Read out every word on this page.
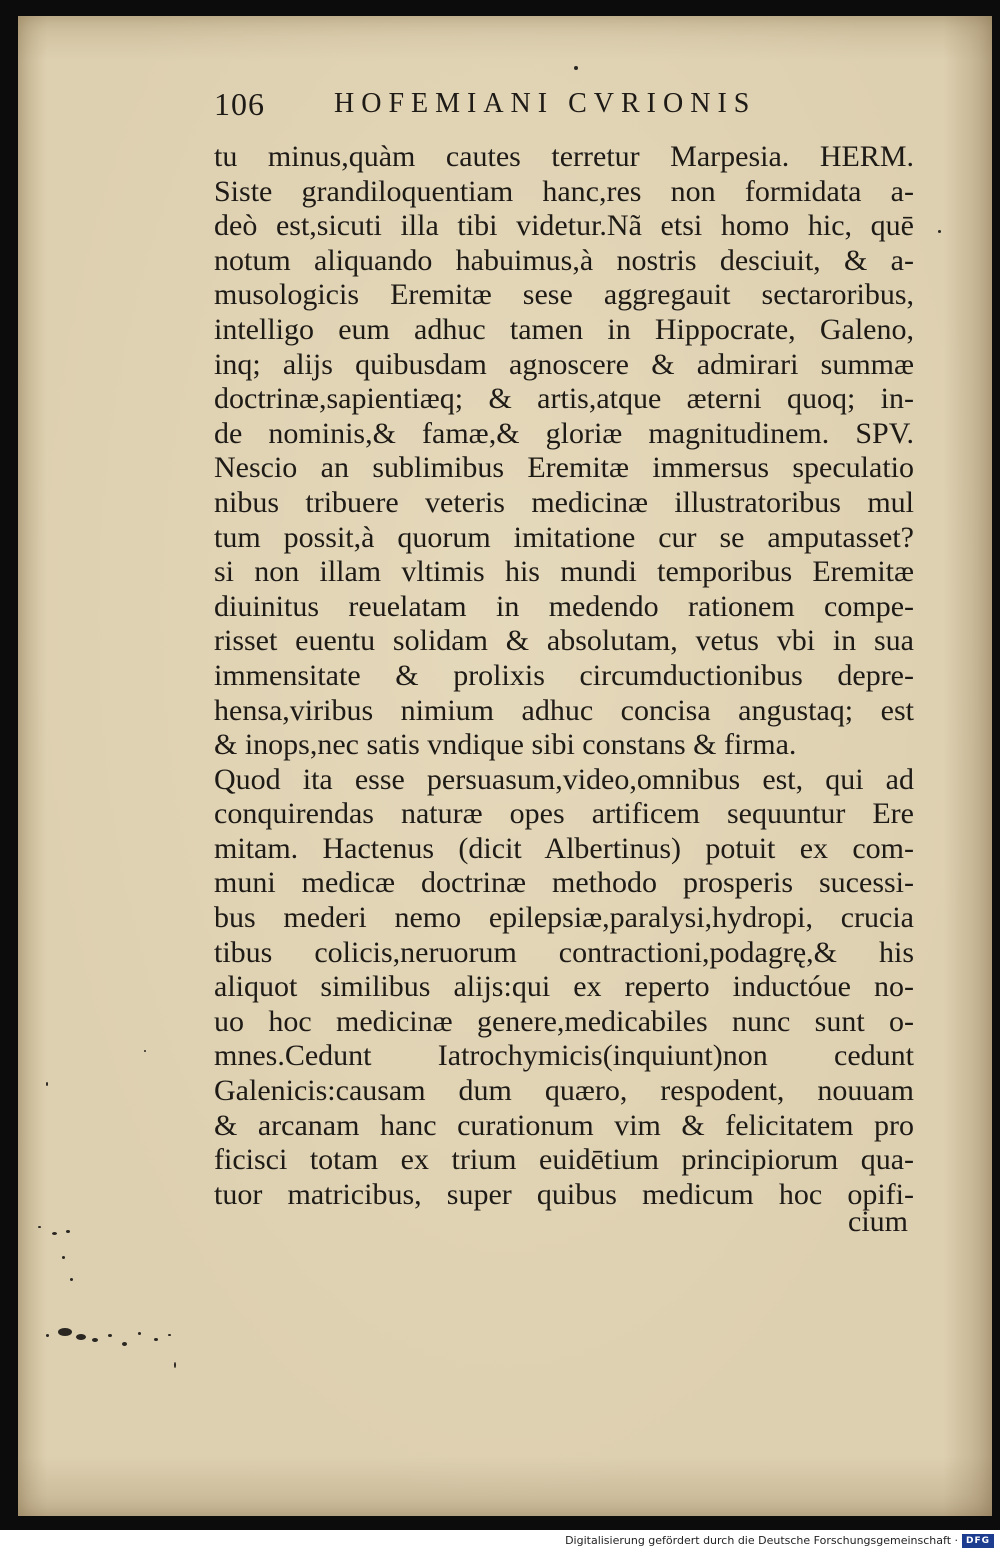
106 HOFEMIANI CVRIONIS
tu minus,quàm cautes terretur Marpesia. HERM.
Siste grandiloquentiam hanc,res non formidata a-
deò est,sicuti illa tibi videtur.Nã etsi homo hic, quē
notum aliquando habuimus,à nostris desciuit, & a-
musologicis Eremitæ sese aggregauit sectaroribus,
intelligo eum adhuc tamen in Hippocrate, Galeno,
inq; alijs quibusdam agnoscere & admirari summæ
doctrinæ,sapientiæq; & artis,atque æterni quoq; in-
de nominis,& famæ,& gloriæ magnitudinem. SPV.
Nescio an sublimibus Eremitæ immersus speculatio
nibus tribuere veteris medicinæ illustratoribus mul
tum possit,à quorum imitatione cur se amputasset?
si non illam vltimis his mundi temporibus Eremitæ
diuinitus reuelatam in medendo rationem compe-
risset euentu solidam & absolutam, vetus vbi in sua
immensitate & prolixis circumductionibus depre-
hensa,viribus nimium adhuc concisa angustaq; est
& inops,nec satis vndique sibi constans & firma.
Quod ita esse persuasum,video,omnibus est, qui ad
conquirendas naturæ opes artificem sequuntur Ere
mitam. Hactenus (dicit Albertinus) potuit ex com-
muni medicæ doctrinæ methodo prosperis sucessi-
bus mederi nemo epilepsiæ,paralysi,hydropi, crucia
tibus colicis,neruorum contractioni,podagrę,& his
aliquot similibus alijs:qui ex reperto inductóue no-
uo hoc medicinæ genere,medicabiles nunc sunt o-
mnes.Cedunt Iatrochymicis(inquiunt)non cedunt
Galenicis:causam dum quæro, respodent, nouuam
& arcanam hanc curationum vim & felicitatem pro
ficisci totam ex trium euidētium principiorum qua-
tuor matricibus, super quibus medicum hoc opifi-
cium
Digitalisierung gefördert durch die Deutsche Forschungsgemeinschaft · DFG
